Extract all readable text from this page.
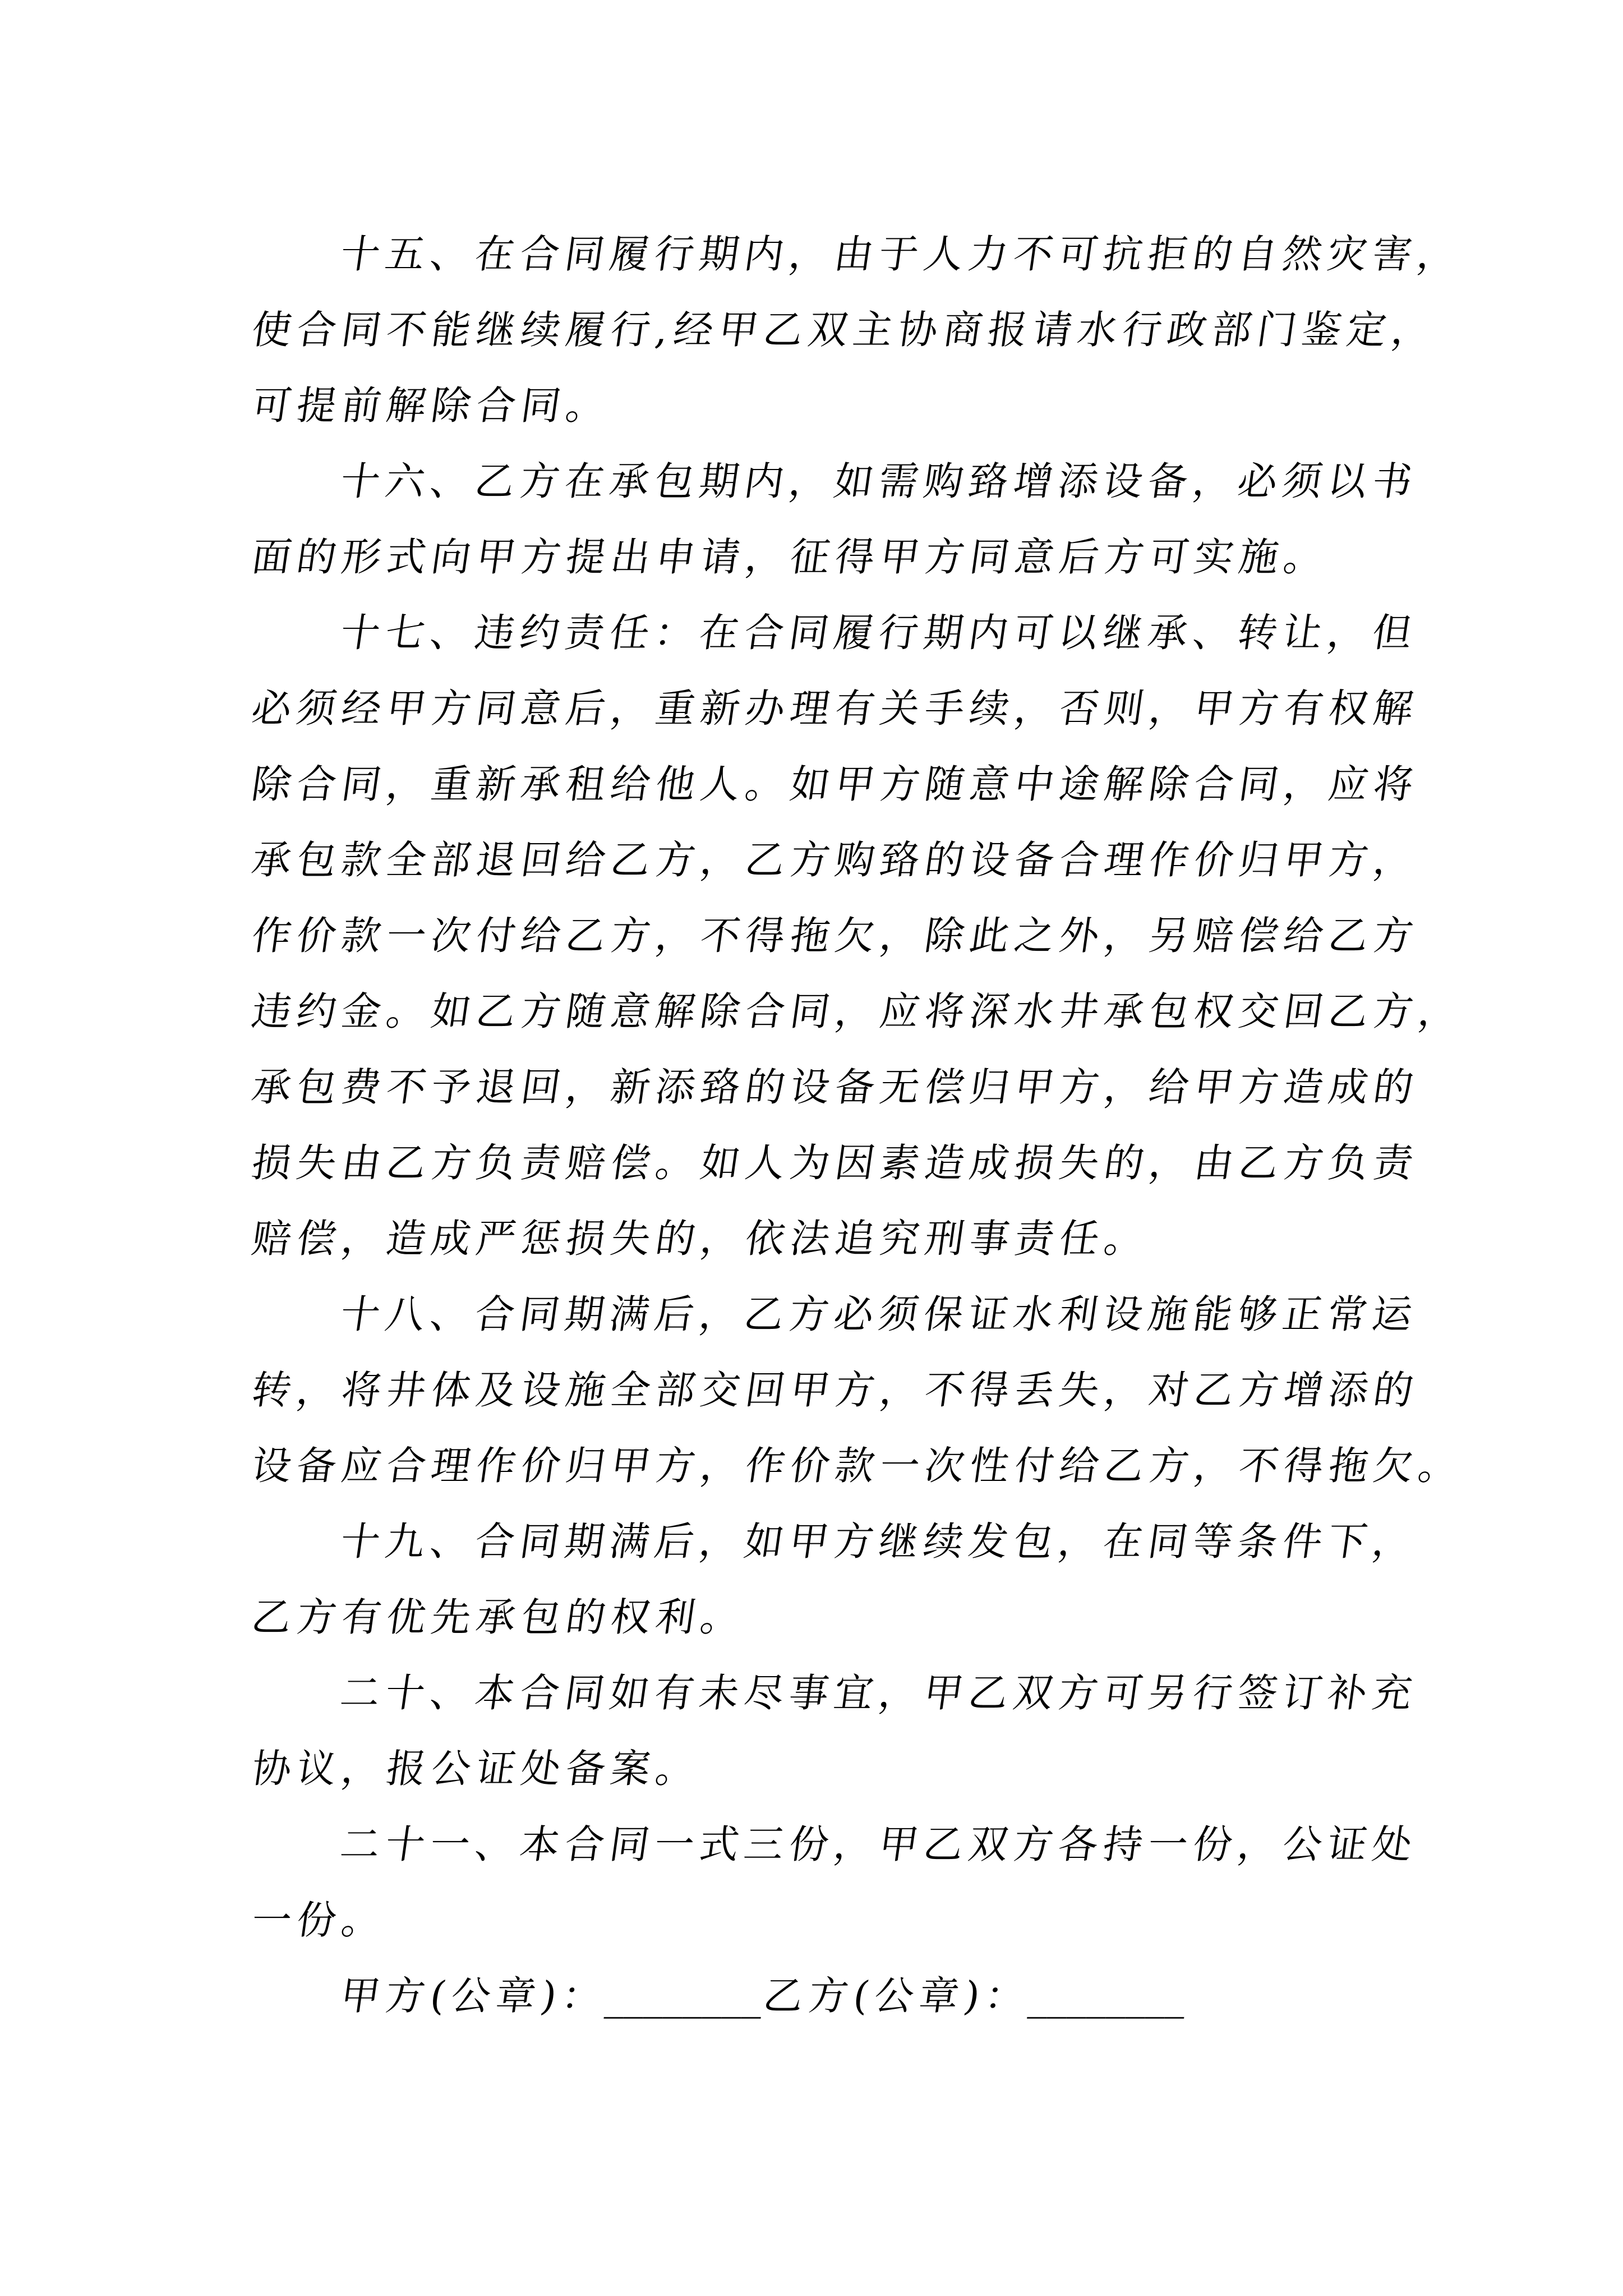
十五、在合同履行期内，由于人力不可抗拒的自然灾害，
使合同不能继续履行,经甲乙双主协商报请水行政部门鉴定，
可提前解除合同。
十六、乙方在承包期内，如需购臵增添设备，必须以书
面的形式向甲方提出申请，征得甲方同意后方可实施。
十七、违约责任：在合同履行期内可以继承、转让，但
必须经甲方同意后，重新办理有关手续，否则，甲方有权解
除合同，重新承租给他人。如甲方随意中途解除合同，应将
承包款全部退回给乙方，乙方购臵的设备合理作价归甲方，
作价款一次付给乙方，不得拖欠，除此之外，另赔偿给乙方
违约金。如乙方随意解除合同，应将深水井承包权交回乙方，
承包费不予退回，新添臵的设备无偿归甲方，给甲方造成的
损失由乙方负责赔偿。如人为因素造成损失的，由乙方负责
赔偿，造成严惩损失的，依法追究刑事责任。
十八、合同期满后，乙方必须保证水利设施能够正常运
转，将井体及设施全部交回甲方，不得丢失，对乙方增添的
设备应合理作价归甲方，作价款一次性付给乙方，不得拖欠。
十九、合同期满后，如甲方继续发包，在同等条件下，
乙方有优先承包的权利。
二十、本合同如有未尽事宜，甲乙双方可另行签订补充
协议，报公证处备案。
二十一、本合同一式三份，甲乙双方各持一份，公证处
一份。
甲方(公章)：________乙方(公章)：________
